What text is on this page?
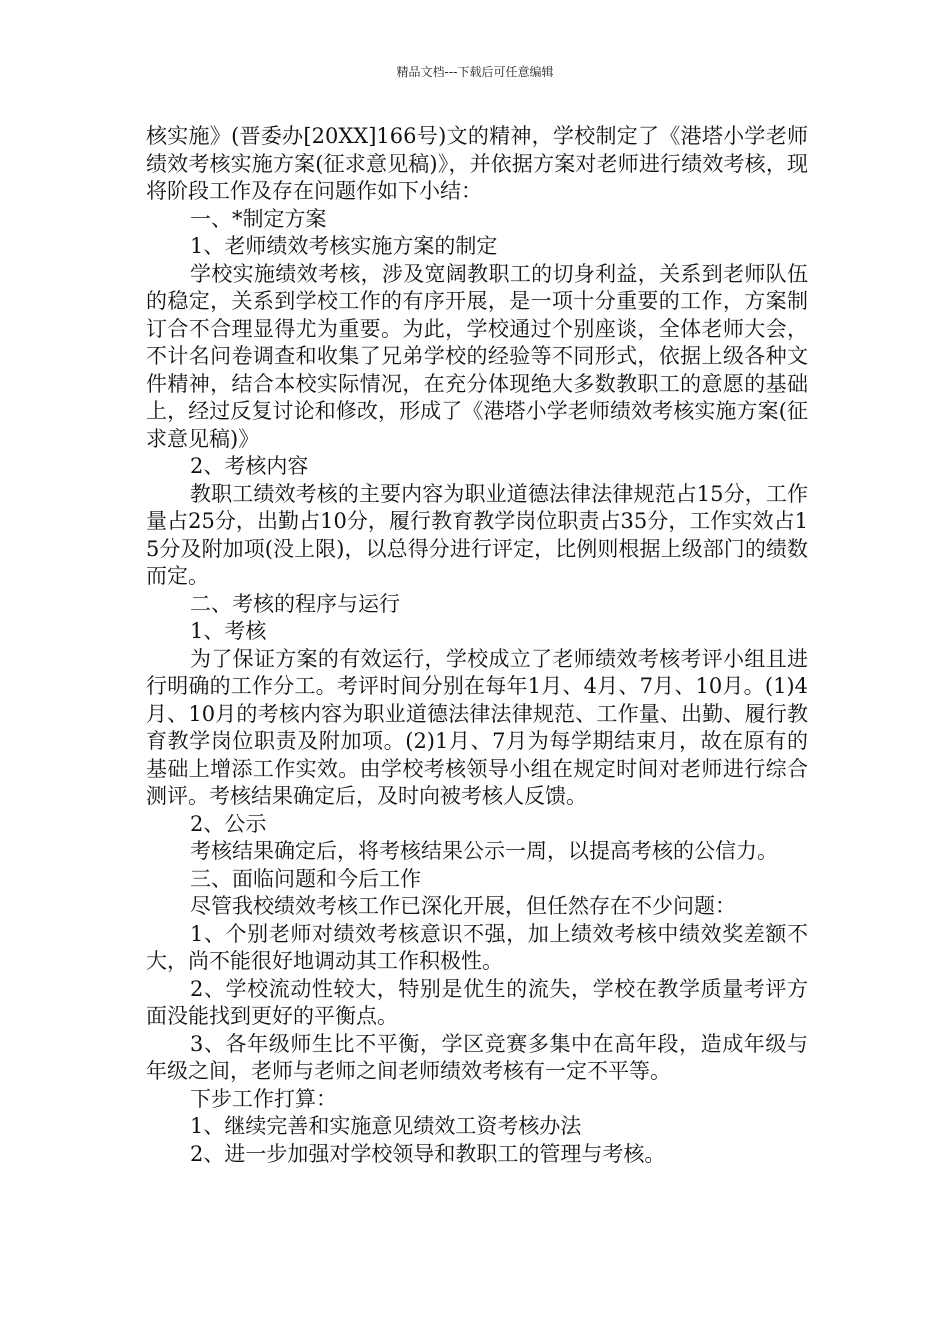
精品文档---下载后可任意编辑

核实施》(晋委办[20XX]166号)文的精神，学校制定了《港塔小学老师绩效考核实施方案(征求意见稿)》，并依据方案对老师进行绩效考核，现将阶段工作及存在问题作如下小结：

一、*制定方案

1、老师绩效考核实施方案的制定

学校实施绩效考核，涉及宽阔教职工的切身利益，关系到老师队伍的稳定，关系到学校工作的有序开展，是一项十分重要的工作，方案制订合不合理显得尤为重要。为此，学校通过个别座谈，全体老师大会，不计名问卷调查和收集了兄弟学校的经验等不同形式，依据上级各种文件精神，结合本校实际情况，在充分体现绝大多数教职工的意愿的基础上，经过反复讨论和修改，形成了《港塔小学老师绩效考核实施方案(征求意见稿)》

2、考核内容

教职工绩效考核的主要内容为职业道德法律法律规范占15分，工作量占25分，出勤占10分，履行教育教学岗位职责占35分，工作实效占15分及附加项(没上限)，以总得分进行评定，比例则根据上级部门的绩数而定。

二、考核的程序与运行

1、考核

为了保证方案的有效运行，学校成立了老师绩效考核考评小组且进行明确的工作分工。考评时间分别在每年1月、4月、7月、10月。(1)4月、10月的考核内容为职业道德法律法律规范、工作量、出勤、履行教育教学岗位职责及附加项。(2)1月、7月为每学期结束月，故在原有的基础上增添工作实效。由学校考核领导小组在规定时间对老师进行综合测评。考核结果确定后，及时向被考核人反馈。

2、公示

考核结果确定后，将考核结果公示一周，以提高考核的公信力。

三、面临问题和今后工作

尽管我校绩效考核工作已深化开展，但任然存在不少问题：

1、个别老师对绩效考核意识不强，加上绩效考核中绩效奖差额不大，尚不能很好地调动其工作积极性。

2、学校流动性较大，特别是优生的流失，学校在教学质量考评方面没能找到更好的平衡点。

3、各年级师生比不平衡，学区竞赛多集中在高年段，造成年级与年级之间，老师与老师之间老师绩效考核有一定不平等。

下步工作打算：

1、继续完善和实施意见绩效工资考核办法

2、进一步加强对学校领导和教职工的管理与考核。
